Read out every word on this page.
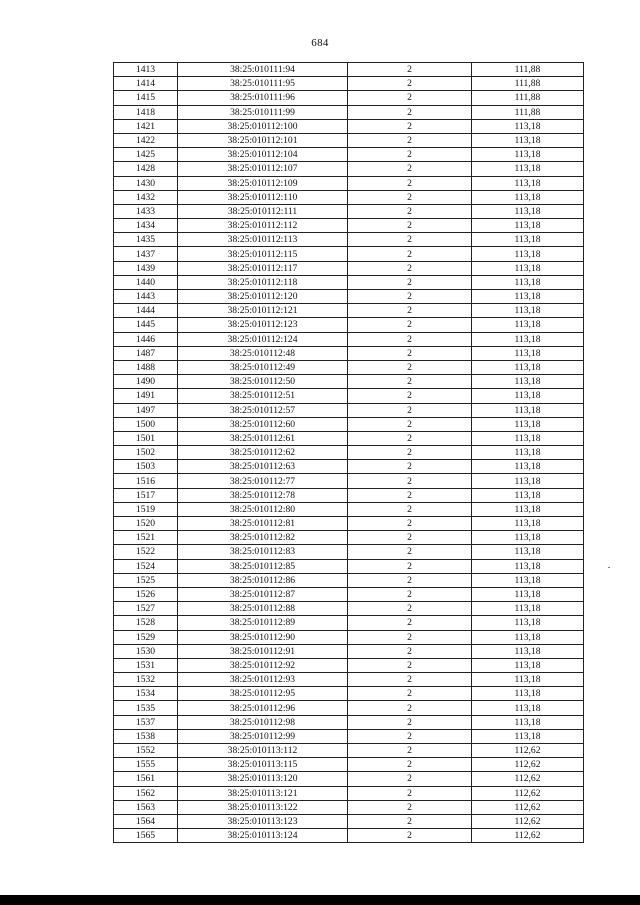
684
1413	38:25:010111:94	2	111,88
1414	38:25:010111:95	2	111,88
1415	38:25:010111:96	2	111,88
1418	38:25:010111:99	2	111,88
1421	38:25:010112:100	2	113,18
1422	38:25:010112:101	2	113,18
1425	38:25:010112:104	2	113,18
1428	38:25:010112:107	2	113,18
1430	38:25:010112:109	2	113,18
1432	38:25:010112:110	2	113,18
1433	38:25:010112:111	2	113,18
1434	38:25:010112:112	2	113,18
1435	38:25:010112:113	2	113,18
1437	38:25:010112:115	2	113,18
1439	38:25:010112:117	2	113,18
1440	38:25:010112:118	2	113,18
1443	38:25:010112:120	2	113,18
1444	38:25:010112:121	2	113,18
1445	38:25:010112:123	2	113,18
1446	38:25:010112:124	2	113,18
1487	38:25:010112:48	2	113,18
1488	38:25:010112:49	2	113,18
1490	38:25:010112:50	2	113,18
1491	38:25:010112:51	2	113,18
1497	38:25:010112:57	2	113,18
1500	38:25:010112:60	2	113,18
1501	38:25:010112:61	2	113,18
1502	38:25:010112:62	2	113,18
1503	38:25:010112:63	2	113,18
1516	38:25:010112:77	2	113,18
1517	38:25:010112:78	2	113,18
1519	38:25:010112:80	2	113,18
1520	38:25:010112:81	2	113,18
1521	38:25:010112:82	2	113,18
1522	38:25:010112:83	2	113,18
1524	38:25:010112:85	2	113,18
1525	38:25:010112:86	2	113,18
1526	38:25:010112:87	2	113,18
1527	38:25:010112:88	2	113,18
1528	38:25:010112:89	2	113,18
1529	38:25:010112:90	2	113,18
1530	38:25:010112:91	2	113,18
1531	38:25:010112:92	2	113,18
1532	38:25:010112:93	2	113,18
1534	38:25:010112:95	2	113,18
1535	38:25:010112:96	2	113,18
1537	38:25:010112:98	2	113,18
1538	38:25:010112:99	2	113,18
1552	38:25:010113:112	2	112,62
1555	38:25:010113:115	2	112,62
1561	38:25:010113:120	2	112,62
1562	38:25:010113:121	2	112,62
1563	38:25:010113:122	2	112,62
1564	38:25:010113:123	2	112,62
1565	38:25:010113:124	2	112,62
